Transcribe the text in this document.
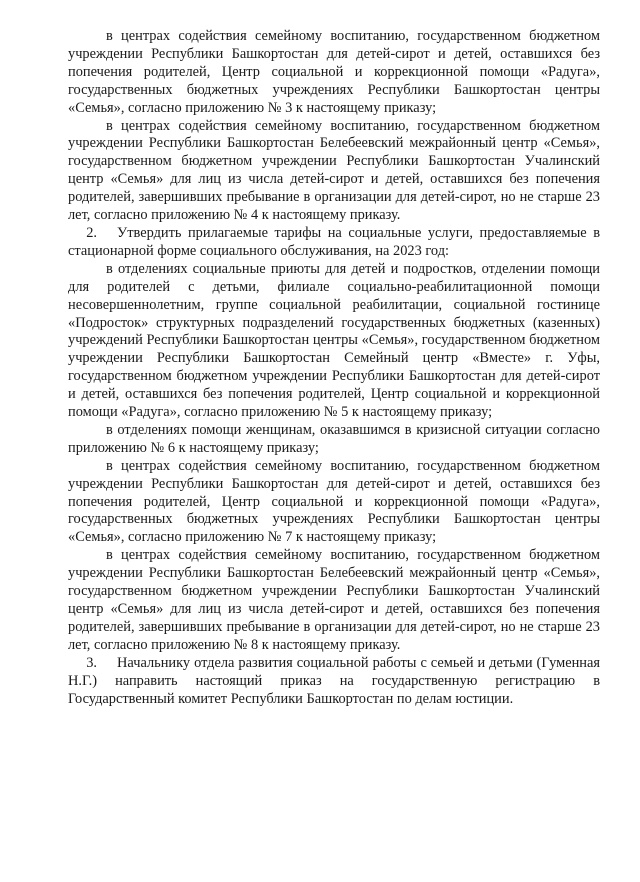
в центрах содействия семейному воспитанию, государственном бюджетном учреждении Республики Башкортостан для детей-сирот и детей, оставшихся без попечения родителей, Центр социальной и коррекционной помощи «Радуга», государственных бюджетных учреждениях Республики Башкортостан центры «Семья», согласно приложению № 3 к настоящему приказу;

в центрах содействия семейному воспитанию, государственном бюджетном учреждении Республики Башкортостан Белебеевский межрайонный центр «Семья», государственном бюджетном учреждении Республики Башкортостан Учалинский центр «Семья» для лиц из числа детей-сирот и детей, оставшихся без попечения родителей, завершивших пребывание в организации для детей-сирот, но не старше 23 лет, согласно приложению № 4 к настоящему приказу.

2. Утвердить прилагаемые тарифы на социальные услуги, предоставляемые в стационарной форме социального обслуживания, на 2023 год:

в отделениях социальные приюты для детей и подростков, отделении помощи для родителей с детьми, филиале социально-реабилитационной помощи несовершеннолетним, группе социальной реабилитации, социальной гостинице «Подросток» структурных подразделений государственных бюджетных (казенных) учреждений Республики Башкортостан центры «Семья», государственном бюджетном учреждении Республики Башкортостан Семейный центр «Вместе» г. Уфы, государственном бюджетном учреждении Республики Башкортостан для детей-сирот и детей, оставшихся без попечения родителей, Центр социальной и коррекционной помощи «Радуга», согласно приложению № 5 к настоящему приказу;

в отделениях помощи женщинам, оказавшимся в кризисной ситуации согласно приложению № 6 к настоящему приказу;

в центрах содействия семейному воспитанию, государственном бюджетном учреждении Республики Башкортостан для детей-сирот и детей, оставшихся без попечения родителей, Центр социальной и коррекционной помощи «Радуга», государственных бюджетных учреждениях Республики Башкортостан центры «Семья», согласно приложению № 7 к настоящему приказу;

в центрах содействия семейному воспитанию, государственном бюджетном учреждении Республики Башкортостан Белебеевский межрайонный центр «Семья», государственном бюджетном учреждении Республики Башкортостан Учалинский центр «Семья» для лиц из числа детей-сирот и детей, оставшихся без попечения родителей, завершивших пребывание в организации для детей-сирот, но не старше 23 лет, согласно приложению № 8 к настоящему приказу.

3. Начальнику отдела развития социальной работы с семьей и детьми (Гуменная Н.Г.) направить настоящий приказ на государственную регистрацию в Государственный комитет Республики Башкортостан по делам юстиции.
